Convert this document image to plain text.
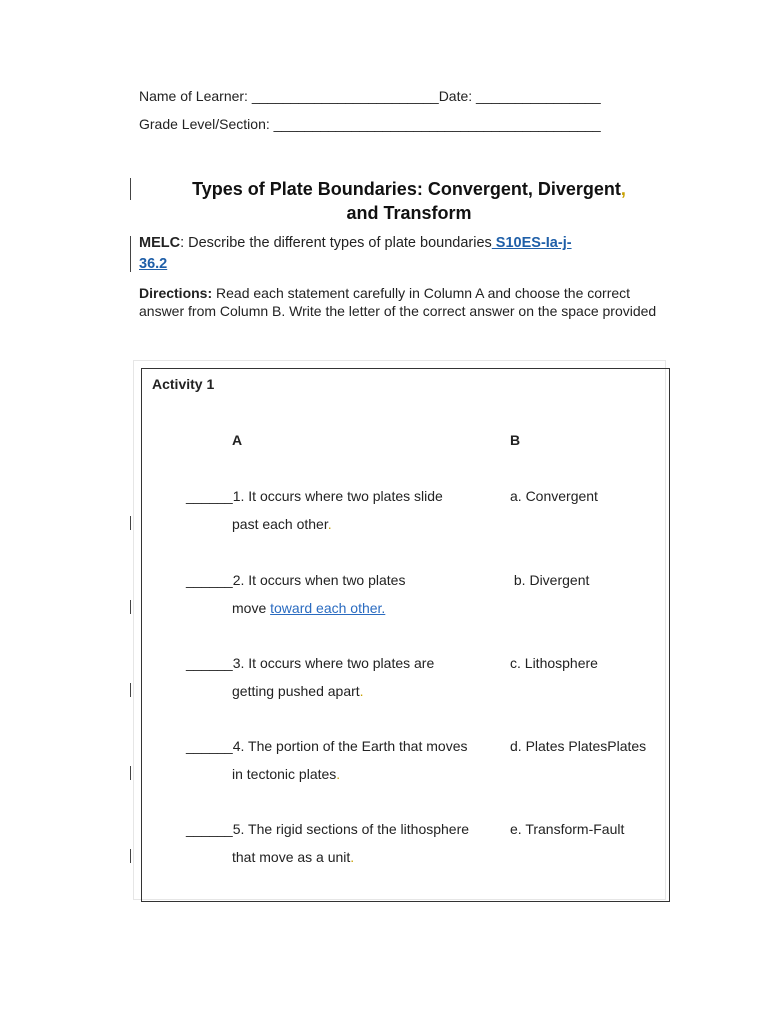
Name of Learner: ________________________Date: ________________
Grade Level/Section: __________________________________________
Types of Plate Boundaries: Convergent, Divergent,
and Transform
MELC: Describe the different types of plate boundaries S10ES-Ia-j-
36.2
Directions: Read each statement carefully in Column A and choose the correct answer from Column B. Write the letter of the correct answer on the space provided
Activity 1
A	B
______1. It occurs where two plates slide
past each other.
a. Convergent
______2. It occurs when two plates
move toward each other.
b. Divergent
______3. It occurs where two plates are
getting pushed apart.
c. Lithosphere
______4. The portion of the Earth that moves
in tectonic plates.
d. Plates PlatesPlates
______5. The rigid sections of the lithosphere
that move as a unit.
e. Transform-Fault
